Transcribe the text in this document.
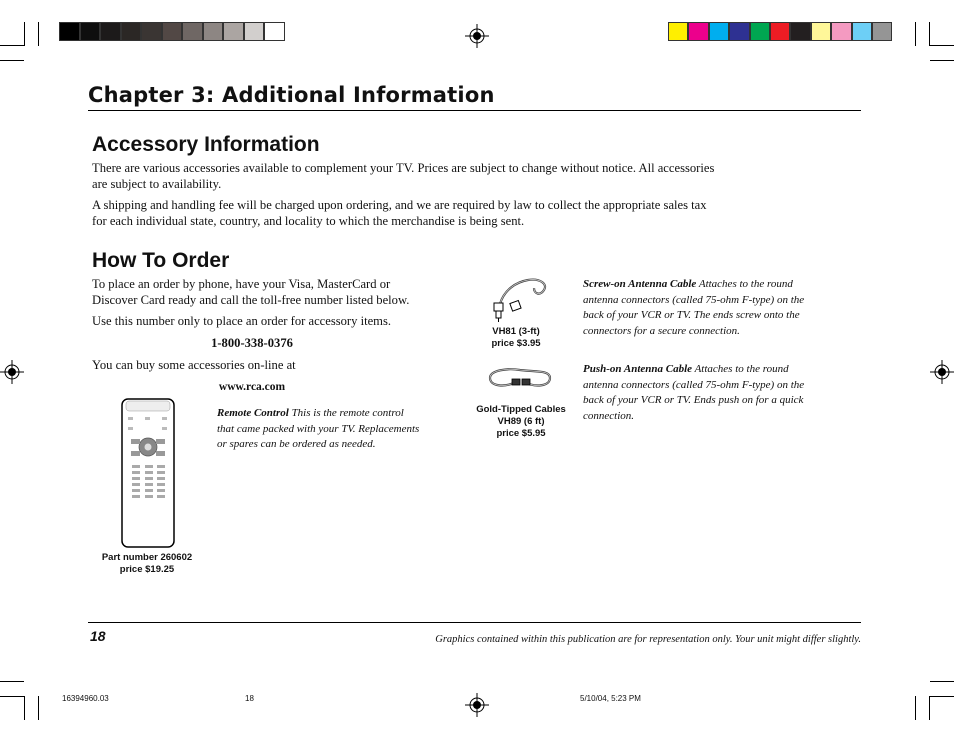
Chapter 3: Additional Information
Accessory Information
There are various accessories available to complement your TV. Prices are subject to change without notice. All accessories are subject to availability.
A shipping and handling fee will be charged upon ordering, and we are required by law to collect the appropriate sales tax for each individual state, country, and locality to which the merchandise is being sent.
How To Order
To place an order by phone, have your Visa, MasterCard or Discover Card ready and call the toll-free number listed below.
Use this number only to place an order for accessory items.
1-800-338-0376
You can buy some accessories on-line at
www.rca.com
Remote Control This is the remote control that came packed with your TV. Replacements or spares can be ordered as needed.
Part number 260602
price $19.25
VH81 (3-ft)
price $3.95
Gold-Tipped Cables
VH89 (6 ft)
price $5.95
Screw-on Antenna Cable Attaches to the round antenna connectors (called 75-ohm F-type) on the back of your VCR or TV. The ends screw onto the connectors for a secure connection.
Push-on Antenna Cable Attaches to the round antenna connectors (called 75-ohm F-type) on the back of your VCR or TV. Ends push on for a quick connection.
18	Graphics contained within this publication are for representation only. Your unit might differ slightly.
16394960.03	18	5/10/04, 5:23 PM
